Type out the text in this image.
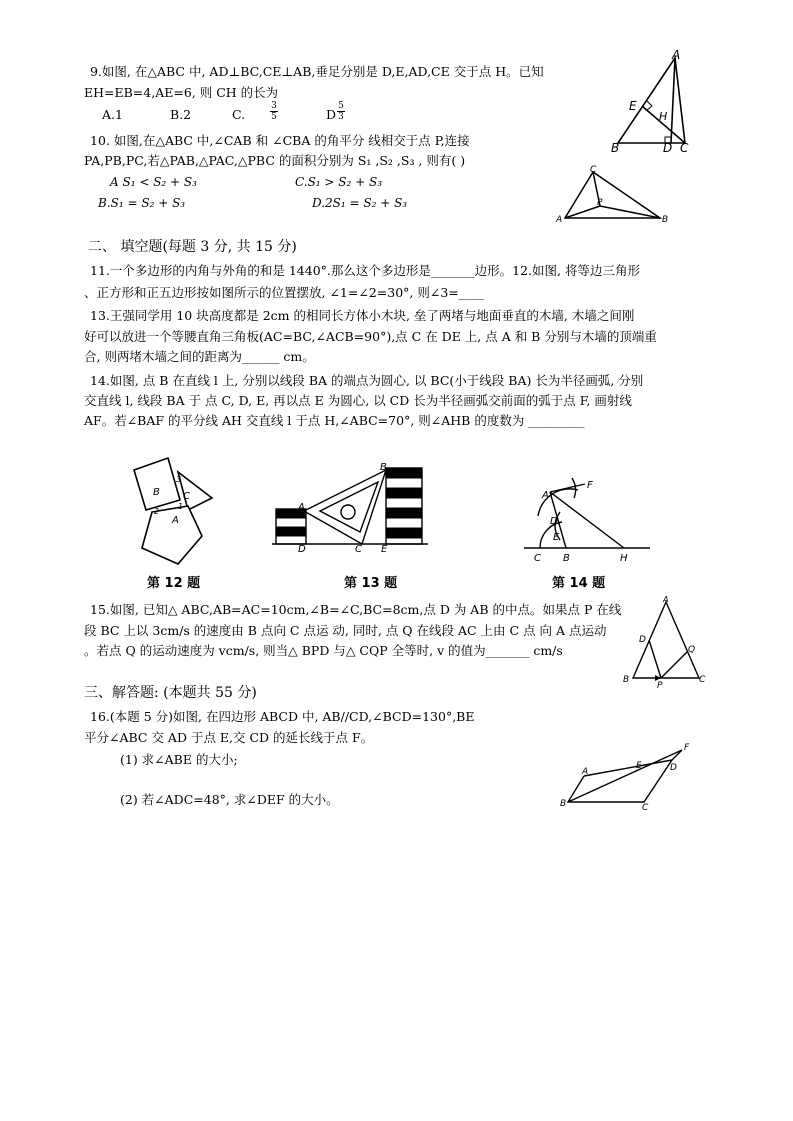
9.如图, 在△ABC 中, AD⊥BC,CE⊥AB,垂足分别是 D,E,AD,CE 交于点 H。已知
EH=EB=4,AE=6, 则 CH 的长为
A.1	B.2	C.	$\frac{3}{5}$	D $\frac{5}{3}$
A
E
H
B	D C
10. 如图,在△ABC 中,∠CAB 和 ∠CBA 的角平分 线相交于点 P,连接
PA,PB,PC,若△PAB,△PAC,△PBC 的面积分别为 S₁ ,S₂ ,S₃ , 则有( )
A S₁ < S₂ + S₃	C.S₁ > S₂ + S₃
B.S₁ = S₂ + S₃	D.2S₁ = S₂ + S₃
C
P
A	B
二、 填空题(每题 3 分, 共 15 分)
11.一个多边形的内角与外角的和是 1440°.那么这个多边形是_______边形。12.如图, 将等边三角形
、正方形和正五边形按如图所示的位置摆放, ∠1=∠2=30°, 则∠3=____
13.王强同学用 10 块高度都是 2cm 的相同长方体小木块, 垒了两堵与地面垂直的木墙, 木墙之间刚
好可以放进一个等腰直角三角板(AC=BC,∠ACB=90°),点 C 在 DE 上, 点 A 和 B 分别与木墙的顶端重
合, 则两堵木墙之间的距离为______ cm。
14.如图, 点 B 在直线 l 上, 分别以线段 BA 的端点为圆心, 以 BC(小于线段 BA) 长为半径画弧, 分别
交直线 l, 线段 BA 于 点 C, D, E, 再以点 E 为圆心, 以 CD 长为半径画弧交前面的弧于点 F, 画射线
AF。若∠BAF 的平分线 AH 交直线 l 于点 H,∠ABC=70°, 则∠AHB 的度数为 _________
B C
A
3
1
2
第 12 题
B
A
D	C E
第 13 题
A
F
D
E
C B	H
第 14 题
15.如图, 已知△ ABC,AB=AC=10cm,∠B=∠C,BC=8cm,点 D 为 AB 的中点。如果点 P 在线
段 BC 上以 3cm/s 的速度由 B 点向 C 点运 动, 同时, 点 Q 在线段 AC 上由 C 点 向 A 点运动
。若点 Q 的运动速度为 vcm/s, 则当△ BPD 与△ CQP 全等时, v 的值为_______ cm/s
A
D
Q
B
P
C
三、解答题: (本题共 55 分)
16.(本题 5 分)如图, 在四边形 ABCD 中, AB//CD,∠BCD=130°,BE
平分∠ABC 交 AD 于点 E,交 CD 的延长线于点 F。
(1) 求∠ABE 的大小;
(2) 若∠ADC=48°, 求∠DEF 的大小。
A
E
F
D
B	C
